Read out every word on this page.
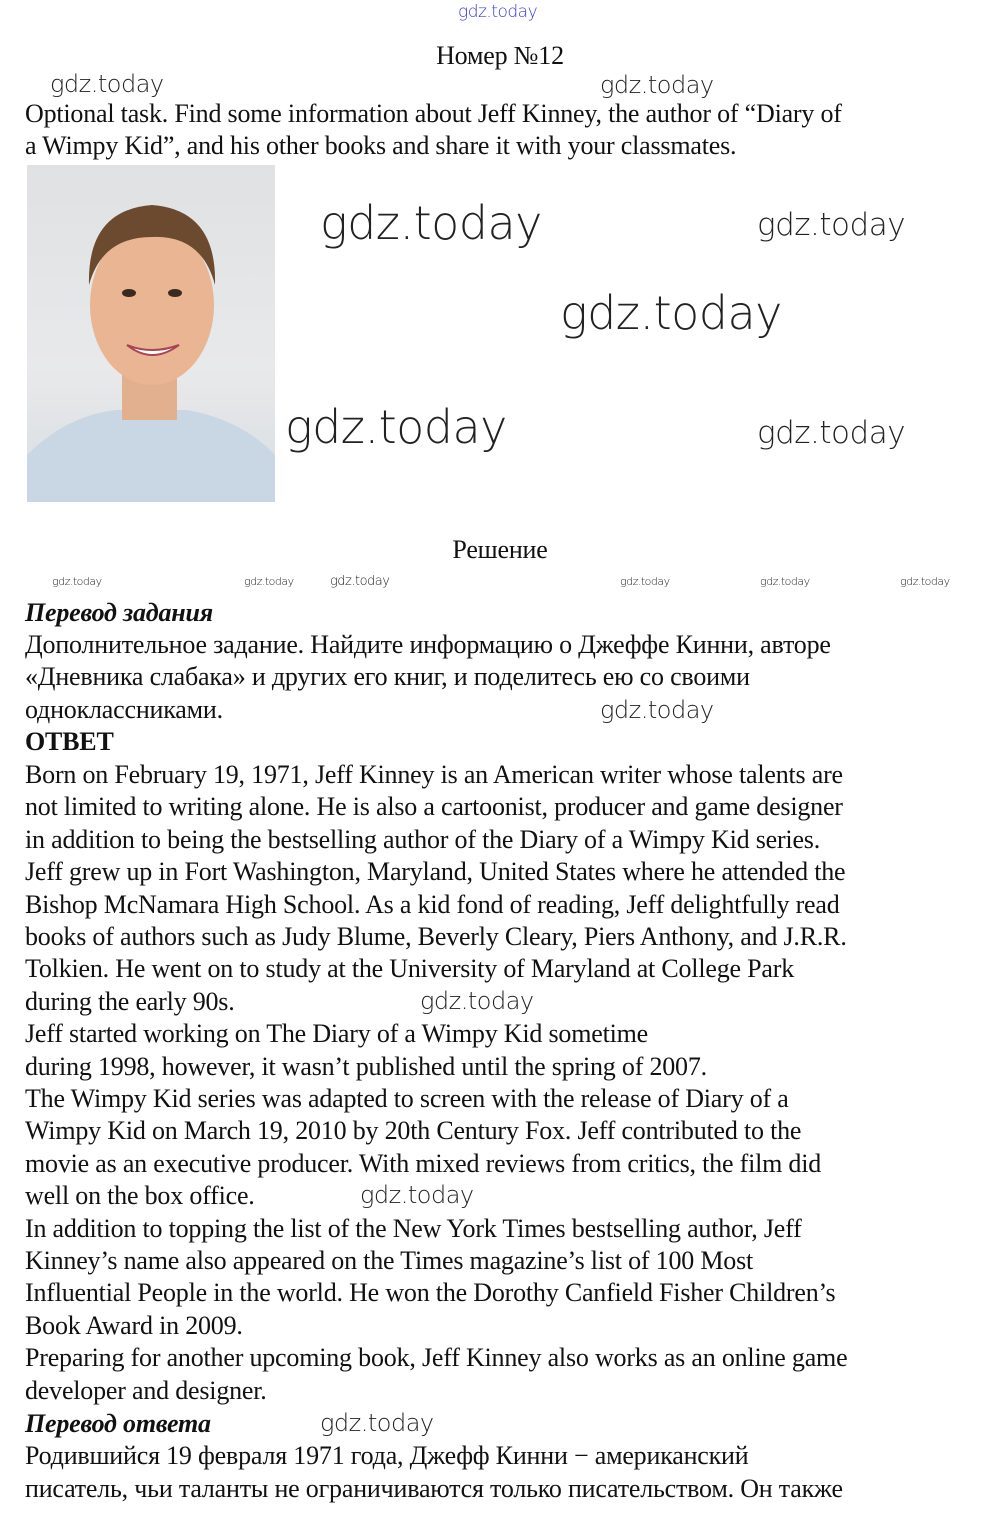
Номер №12
Optional task. Find some information about Jeff Kinney, the author of “Diary of
a Wimpy Kid”, and his other books and share it with your classmates.
Решение
Перевод задания
Дополнительное задание. Найдите информацию о Джеффе Кинни, авторе
«Дневника слабака» и других его книг, и поделитесь ею со своими
одноклассниками.
ОТВЕТ
Born on February 19, 1971, Jeff Kinney is an American writer whose talents are
not limited to writing alone. He is also a cartoonist, producer and game designer
in addition to being the bestselling author of the Diary of a Wimpy Kid series.
Jeff grew up in Fort Washington, Maryland, United States where he attended the
Bishop McNamara High School. As a kid fond of reading, Jeff delightfully read
books of authors such as Judy Blume, Beverly Cleary, Piers Anthony, and J.R.R.
Tolkien. He went on to study at the University of Maryland at College Park
during the early 90s.
Jeff started working on The Diary of a Wimpy Kid sometime
during 1998, however, it wasn’t published until the spring of 2007.
The Wimpy Kid series was adapted to screen with the release of Diary of a
Wimpy Kid on March 19, 2010 by 20th Century Fox. Jeff contributed to the
movie as an executive producer. With mixed reviews from critics, the film did
well on the box office.
In addition to topping the list of the New York Times bestselling author, Jeff
Kinney’s name also appeared on the Times magazine’s list of 100 Most
Influential People in the world. He won the Dorothy Canfield Fisher Children’s
Book Award in 2009.
Preparing for another upcoming book, Jeff Kinney also works as an online game
developer and designer.
Перевод ответа
Родившийся 19 февраля 1971 года, Джефф Кинни − американский
писатель, чьи таланты не ограничиваются только писательством. Он также
gdz.today
gdz.today	gdz.today
gdz.today
gdz.today
gdz.today
gdz.today	gdz.today
gdz.today	gdz.today	gdz.today	gdz.today	gdz.today	gdz.today
gdz.today
gdz.today
gdz.today
gdz.today
